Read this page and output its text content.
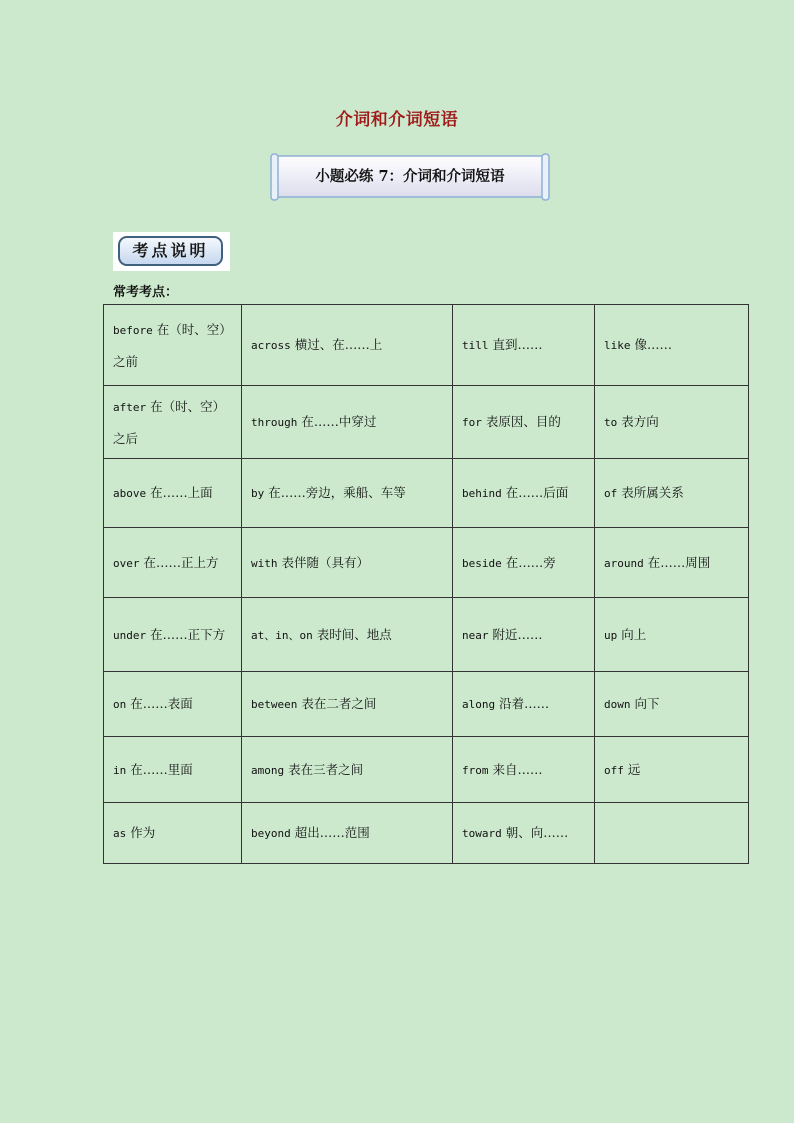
介词和介词短语
小题必练 7：介词和介词短语
考点说明
常考考点：
before 在（时、空）之前	across 横过、在……上	till 直到……	like 像……
after 在（时、空）之后	through 在……中穿过	for 表原因、目的	to 表方向
above 在……上面	by 在……旁边，乘船、车等	behind 在……后面	of 表所属关系
over 在……正上方	with 表伴随（具有）	beside 在……旁	around 在……周围
under 在……正下方	at、in、on 表时间、地点	near 附近……	up 向上
on 在……表面	between 表在二者之间	along 沿着……	down 向下
in 在……里面	among 表在三者之间	from 来自……	off 远
as 作为	beyond 超出……范围	toward 朝、向……	
